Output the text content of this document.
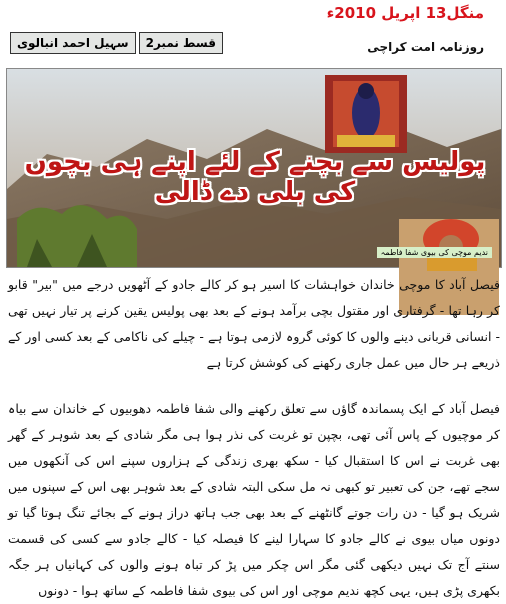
منگل13 اپریل 2010ء
سہیل احمد انبالوی	قسط نمبر2	روزنامہ امت کراچی
پولیس سے بچنے کے لئے اپنے ہی بچوں کی بلی دے ڈالی
ندیم موچی کی بیوی شفا فاطمہ

فیصل آباد کا موچی خاندان خواہشات کا اسیر ہو کر کالے جادو کے آٹھویں درجے میں "بیر" قابو کر رہا تھا - گرفتاری اور مقتول بچی برآمد ہونے کے بعد بھی پولیس یقین کرنے پر تیار نہیں تھی - انسانی قربانی دینے والوں کا کوئی گروہ لازمی ہوتا ہے - چیلے کی ناکامی کے بعد کسی اور کے ذریعے ہر حال میں عمل جاری رکھنے کی کوشش کرتا ہے

فیصل آباد کے ایک پسماندہ گاؤں سے تعلق رکھنے والی شفا فاطمہ دھوبیوں کے خاندان سے بیاہ کر موچیوں کے پاس آئی تھی، بچپن تو غربت کی نذر ہوا ہی مگر شادی کے بعد شوہر کے گھر بھی غربت نے اس کا استقبال کیا - سکھ بھری زندگی کے ہزاروں سپنے اس کی آنکھوں میں سجے تھے، جن کی تعبیر تو کبھی نہ مل سکی البتہ شادی کے بعد شوہر بھی اس کے سپنوں میں شریک ہو گیا - دن رات جوتے گانٹھنے کے بعد بھی جب ہاتھ دراز ہونے کے بجائے تنگ ہوتا گیا تو دونوں میاں بیوی نے کالے جادو کا سہارا لینے کا فیصلہ کیا - کالے جادو سے کسی کی قسمت سنتے آج تک نہیں دیکھی گئی مگر اس چکر میں پڑ کر تباہ ہونے والوں کی کہانیاں ہر جگہ بکھری پڑی ہیں، یہی کچھ ندیم موچی اور اس کی بیوی شفا فاطمہ کے ساتھ ہوا - دونوں
